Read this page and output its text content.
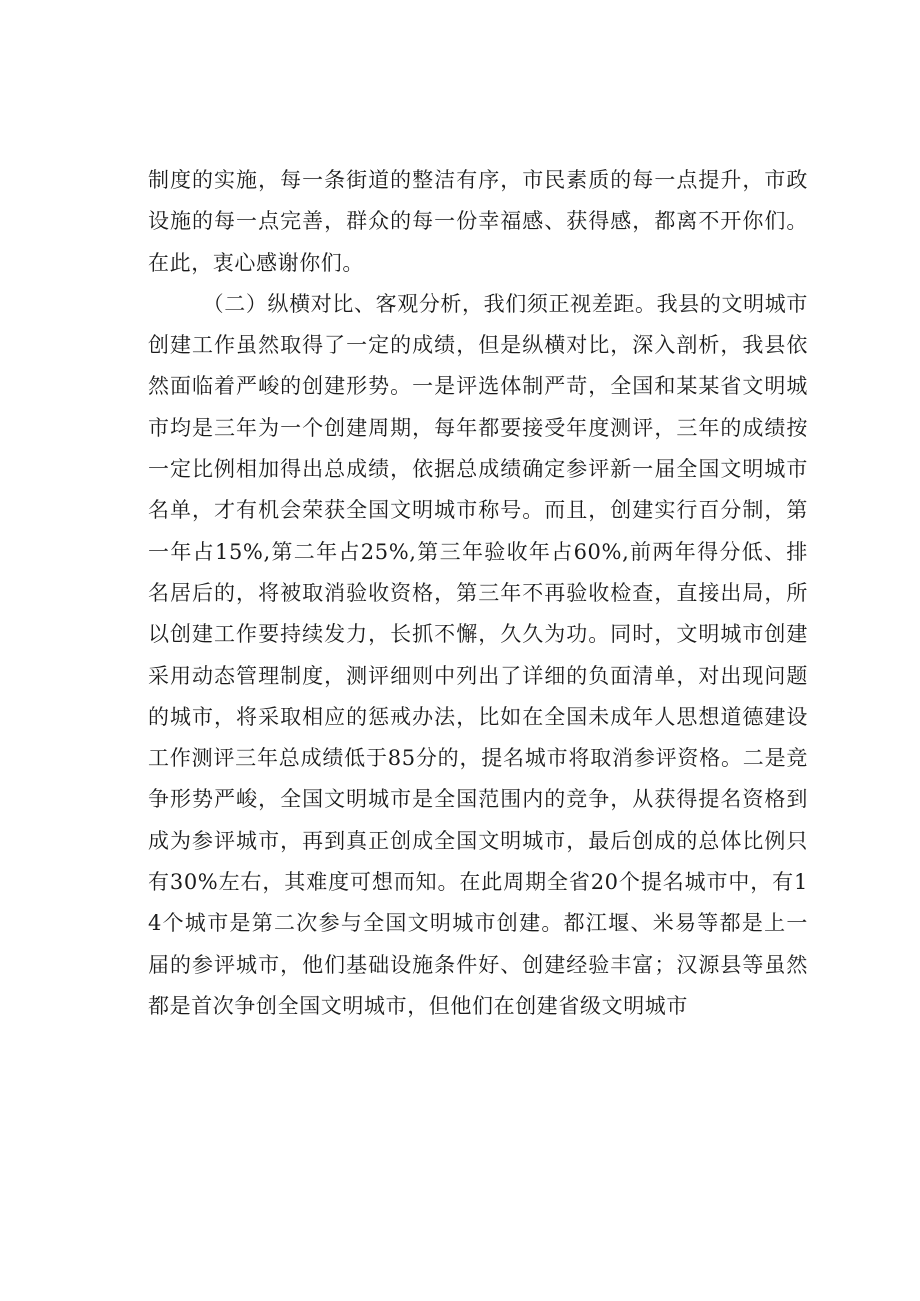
制度的实施，每一条街道的整洁有序，市民素质的每一点提升，市政设施的每一点完善，群众的每一份幸福感、获得感，都离不开你们。在此，衷心感谢你们。

（二）纵横对比、客观分析，我们须正视差距。我县的文明城市创建工作虽然取得了一定的成绩，但是纵横对比，深入剖析，我县依然面临着严峻的创建形势。一是评选体制严苛，全国和某某省文明城市均是三年为一个创建周期，每年都要接受年度测评，三年的成绩按一定比例相加得出总成绩，依据总成绩确定参评新一届全国文明城市名单，才有机会荣获全国文明城市称号。而且，创建实行百分制，第一年占15%,第二年占25%,第三年验收年占60%,前两年得分低、排名居后的，将被取消验收资格，第三年不再验收检查，直接出局，所以创建工作要持续发力，长抓不懈，久久为功。同时，文明城市创建采用动态管理制度，测评细则中列出了详细的负面清单，对出现问题的城市，将采取相应的惩戒办法，比如在全国未成年人思想道德建设工作测评三年总成绩低于85分的，提名城市将取消参评资格。二是竞争形势严峻，全国文明城市是全国范围内的竞争，从获得提名资格到成为参评城市，再到真正创成全国文明城市，最后创成的总体比例只有30%左右，其难度可想而知。在此周期全省20个提名城市中，有14个城市是第二次参与全国文明城市创建。都江堰、米易等都是上一届的参评城市，他们基础设施条件好、创建经验丰富；汉源县等虽然都是首次争创全国文明城市，但他们在创建省级文明城市
